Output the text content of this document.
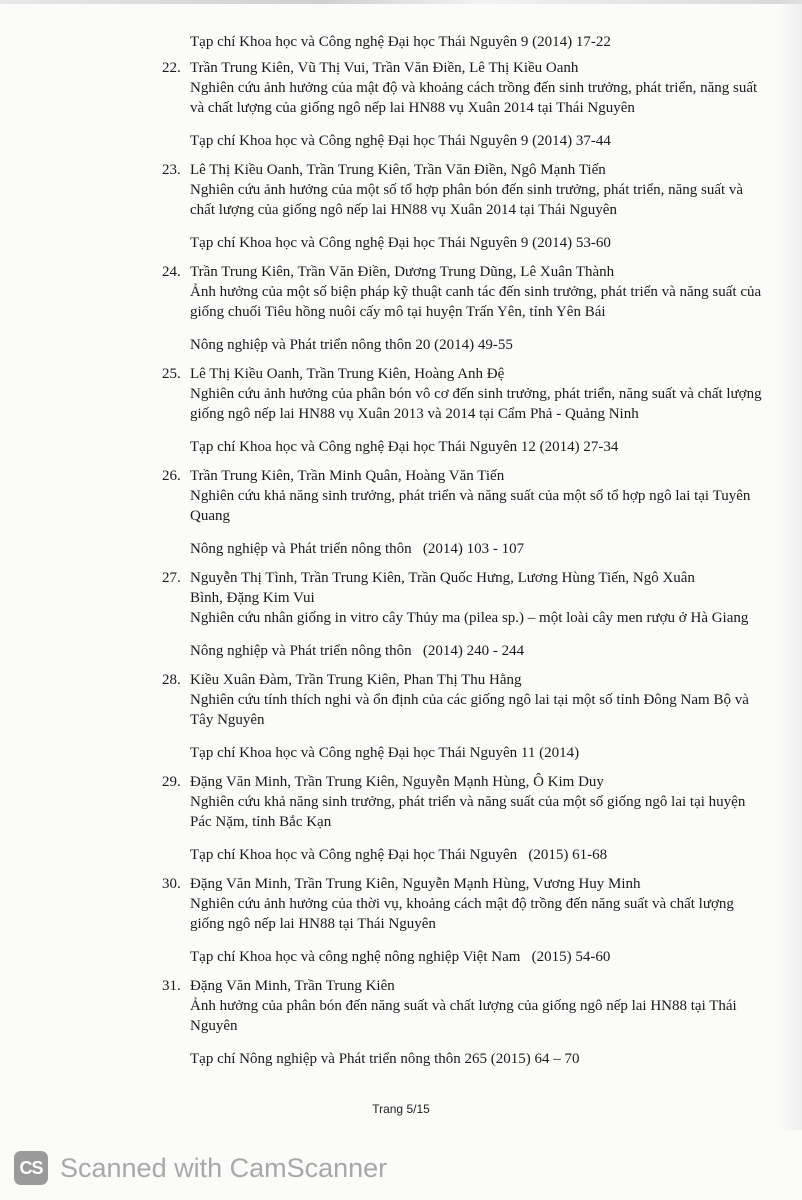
Tạp chí Khoa học và Công nghệ Đại học Thái Nguyên 9 (2014) 17-22
22. Trần Trung Kiên, Vũ Thị Vui, Trần Văn Điền, Lê Thị Kiều Oanh
Nghiên cứu ảnh hưởng của mật độ và khoảng cách trồng đến sinh trưởng, phát triển, năng suất và chất lượng của giống ngô nếp lai HN88 vụ Xuân 2014 tại Thái Nguyên
Tạp chí Khoa học và Công nghệ Đại học Thái Nguyên 9 (2014) 37-44
23. Lê Thị Kiều Oanh, Trần Trung Kiên, Trần Văn Điền, Ngô Mạnh Tiến
Nghiên cứu ảnh hưởng của một số tổ hợp phân bón đến sinh trưởng, phát triển, năng suất và chất lượng của giống ngô nếp lai HN88 vụ Xuân 2014 tại Thái Nguyên
Tạp chí Khoa học và Công nghệ Đại học Thái Nguyên 9 (2014) 53-60
24. Trần Trung Kiên, Trần Văn Điền, Dương Trung Dũng, Lê Xuân Thành
Ảnh hưởng của một số biện pháp kỹ thuật canh tác đến sinh trưởng, phát triển và năng suất của giống chuối Tiêu hồng nuôi cấy mô tại huyện Trấn Yên, tỉnh Yên Bái
Nông nghiệp và Phát triển nông thôn 20 (2014) 49-55
25. Lê Thị Kiều Oanh, Trần Trung Kiên, Hoàng Anh Đệ
Nghiên cứu ảnh hưởng của phân bón vô cơ đến sinh trưởng, phát triển, năng suất và chất lượng giống ngô nếp lai HN88 vụ Xuân 2013 và 2014 tại Cẩm Phả - Quảng Ninh
Tạp chí Khoa học và Công nghệ Đại học Thái Nguyên 12 (2014) 27-34
26. Trần Trung Kiên, Trần Minh Quân, Hoàng Văn Tiến
Nghiên cứu khả năng sinh trưởng, phát triển và năng suất của một số tổ hợp ngô lai tại Tuyên Quang
Nông nghiệp và Phát triển nông thôn   (2014) 103 - 107
27. Nguyễn Thị Tình, Trần Trung Kiên, Trần Quốc Hưng, Lương Hùng Tiến, Ngô Xuân
Bình, Đặng Kim Vui
Nghiên cứu nhân giống in vitro cây Thủy ma (pilea sp.) – một loài cây men rượu ở Hà Giang
Nông nghiệp và Phát triển nông thôn   (2014) 240 - 244
28. Kiều Xuân Đàm, Trần Trung Kiên, Phan Thị Thu Hằng
Nghiên cứu tính thích nghi và ổn định của các giống ngô lai tại một số tỉnh Đông Nam Bộ và Tây Nguyên
Tạp chí Khoa học và Công nghệ Đại học Thái Nguyên 11 (2014)
29. Đặng Văn Minh, Trần Trung Kiên, Nguyễn Mạnh Hùng, Ô Kim Duy
Nghiên cứu khả năng sinh trưởng, phát triển và năng suất của một số giống ngô lai tại huyện Pác Nặm, tỉnh Bắc Kạn
Tạp chí Khoa học và Công nghệ Đại học Thái Nguyên   (2015) 61-68
30. Đặng Văn Minh, Trần Trung Kiên, Nguyễn Mạnh Hùng, Vương Huy Minh
Nghiên cứu ảnh hưởng của thời vụ, khoảng cách mật độ trồng đến năng suất và chất lượng giống ngô nếp lai HN88 tại Thái Nguyên
Tạp chí Khoa học và công nghệ nông nghiệp Việt Nam   (2015) 54-60
31. Đặng Văn Minh, Trần Trung Kiên
Ảnh hưởng của phân bón đến năng suất và chất lượng của giống ngô nếp lai HN88 tại Thái Nguyên
Tạp chí Nông nghiệp và Phát triển nông thôn 265 (2015) 64 – 70
Trang 5/15
CS Scanned with CamScanner
